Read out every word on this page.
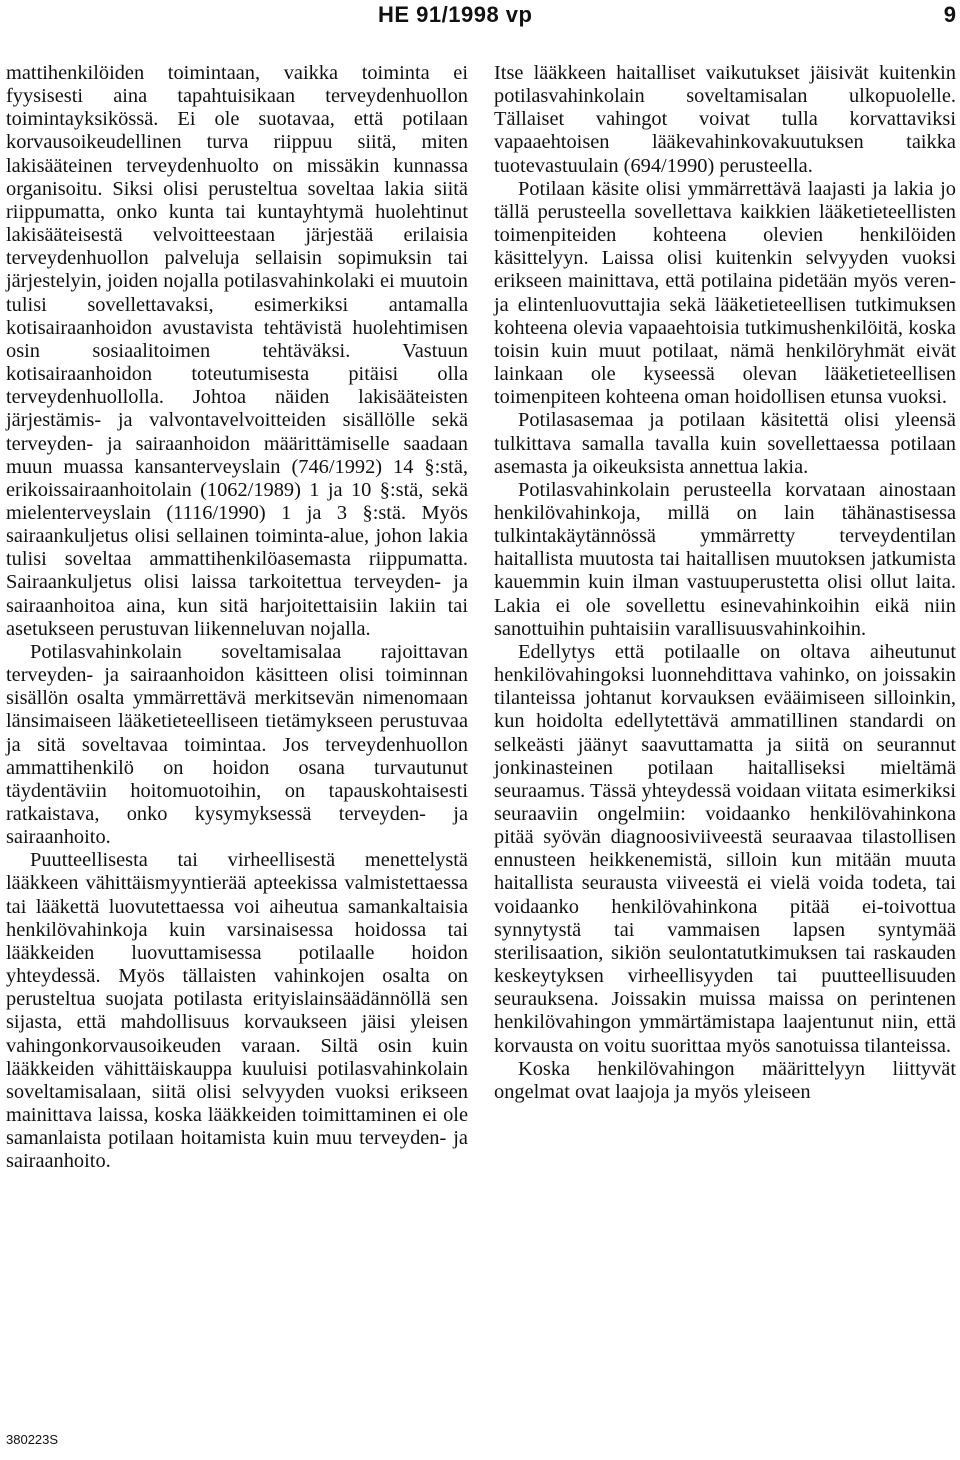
HE 91/1998 vp	9

mattihenkilöiden toimintaan, vaikka toiminta ei fyysisesti aina tapahtuisikaan terveydenhuollon toimintayksikössä. Ei ole suotavaa, että potilaan korvausoikeudellinen turva riippuu siitä, miten lakisääteinen terveydenhuolto on missäkin kunnassa organisoitu. Siksi olisi perusteltua soveltaa lakia siitä riippumatta, onko kunta tai kuntayhtymä huolehtinut lakisääteisestä velvoitteestaan järjestää erilaisia terveydenhuollon palveluja sellaisin sopimuksin tai järjestelyin, joiden nojalla potilasvahinkolaki ei muutoin tulisi sovellettavaksi, esimerkiksi antamalla kotisairaanhoidon avustavista tehtävistä huolehtimisen osin sosiaalitoimen tehtäväksi. Vastuun kotisairaanhoidon toteutumisesta pitäisi olla terveydenhuollolla. Johtoa näiden lakisääteisten järjestämis- ja valvontavelvoitteiden sisällölle sekä terveyden- ja sairaanhoidon määrittämiselle saadaan muun muassa kansanterveyslain (746/1992) 14 §:stä, erikoissairaanhoitolain (1062/1989) 1 ja 10 §:stä, sekä mielenterveyslain (1116/1990) 1 ja 3 §:stä. Myös sairaankuljetus olisi sellainen toiminta-alue, johon lakia tulisi soveltaa ammattihenkilöasemasta riippumatta. Sairaankuljetus olisi laissa tarkoitettua terveyden- ja sairaanhoitoa aina, kun sitä harjoitettaisiin lakiin tai asetukseen perustuvan liikenneluvan nojalla.

Potilasvahinkolain soveltamisalaa rajoittavan terveyden- ja sairaanhoidon käsitteen olisi toiminnan sisällön osalta ymmärrettävä merkitsevän nimenomaan länsimaiseen lääketieteelliseen tietämykseen perustuvaa ja sitä soveltavaa toimintaa. Jos terveydenhuollon ammattihenkilö on hoidon osana turvautunut täydentäviin hoitomuotoihin, on tapauskohtaisesti ratkaistava, onko kysymyksessä terveyden- ja sairaanhoito.

Puutteellisesta tai virheellisestä menettelystä lääkkeen vähittäismyyntierää apteekissa valmistettaessa tai lääkettä luovutettaessa voi aiheutua samankaltaisia henkilövahinkoja kuin varsinaisessa hoidossa tai lääkkeiden luovuttamisessa potilaalle hoidon yhteydessä. Myös tällaisten vahinkojen osalta on perusteltua suojata potilasta erityislainsäädännöllä sen sijasta, että mahdollisuus korvaukseen jäisi yleisen vahingonkorvausoikeuden varaan. Siltä osin kuin lääkkeiden vähittäiskauppa kuuluisi potilasvahinkolain soveltamisalaan, siitä olisi selvyyden vuoksi erikseen mainittava laissa, koska lääkkeiden toimittaminen ei ole samanlaista potilaan hoitamista kuin muu terveyden- ja sairaanhoito.

Itse lääkkeen haitalliset vaikutukset jäisivät kuitenkin potilasvahinkolain soveltamisalan ulkopuolelle. Tällaiset vahingot voivat tulla korvattaviksi vapaaehtoisen lääkevahinkovakuutuksen taikka tuotevastuulain (694/1990) perusteella.

Potilaan käsite olisi ymmärrettävä laajasti ja lakia jo tällä perusteella sovellettava kaikkien lääketieteellisten toimenpiteiden kohteena olevien henkilöiden käsittelyyn. Laissa olisi kuitenkin selvyyden vuoksi erikseen mainittava, että potilaina pidetään myös veren- ja elintenluovuttajia sekä lääketieteellisen tutkimuksen kohteena olevia vapaaehtoisia tutkimushenkilöitä, koska toisin kuin muut potilaat, nämä henkilöryhmät eivät lainkaan ole kyseessä olevan lääketieteellisen toimenpiteen kohteena oman hoidollisen etunsa vuoksi.

Potilasasemaa ja potilaan käsitettä olisi yleensä tulkittava samalla tavalla kuin sovellettaessa potilaan asemasta ja oikeuksista annettua lakia.

Potilasvahinkolain perusteella korvataan ainostaan henkilövahinkoja, millä on lain tähänastisessa tulkintakäytännössä ymmärretty terveydentilan haitallista muutosta tai haitallisen muutoksen jatkumista kauemmin kuin ilman vastuuperustetta olisi ollut laita. Lakia ei ole sovellettu esinevahinkoihin eikä niin sanottuihin puhtaisiin varallisuusvahinkoihin.

Edellytys että potilaalle on oltava aiheutunut henkilövahingoksi luonnehdittava vahinko, on joissakin tilanteissa johtanut korvauksen evääimiseen silloinkin, kun hoidolta edellytettävä ammatillinen standardi on selkeästi jäänyt saavuttamatta ja siitä on seurannut jonkinasteinen potilaan haitalliseksi mieltämä seuraamus. Tässä yhteydessä voidaan viitata esimerkiksi seuraaviin ongelmiin: voidaanko henkilövahinkona pitää syövän diagnoosiviiveestä seuraavaa tilastollisen ennusteen heikkenemistä, silloin kun mitään muuta haitallista seurausta viiveestä ei vielä voida todeta, tai voidaanko henkilövahinkona pitää ei-toivottua synnytystä tai vammaisen lapsen syntymää sterilisaation, sikiön seulontatutkimuksen tai raskauden keskeytyksen virheellisyyden tai puutteellisuuden seurauksena. Joissakin muissa maissa on perintenen henkilövahingon ymmärtämistapa laajentunut niin, että korvausta on voitu suorittaa myös sanotuissa tilanteissa.

Koska henkilövahingon määrittelyyn liittyvät ongelmat ovat laajoja ja myös yleiseen

380223S
